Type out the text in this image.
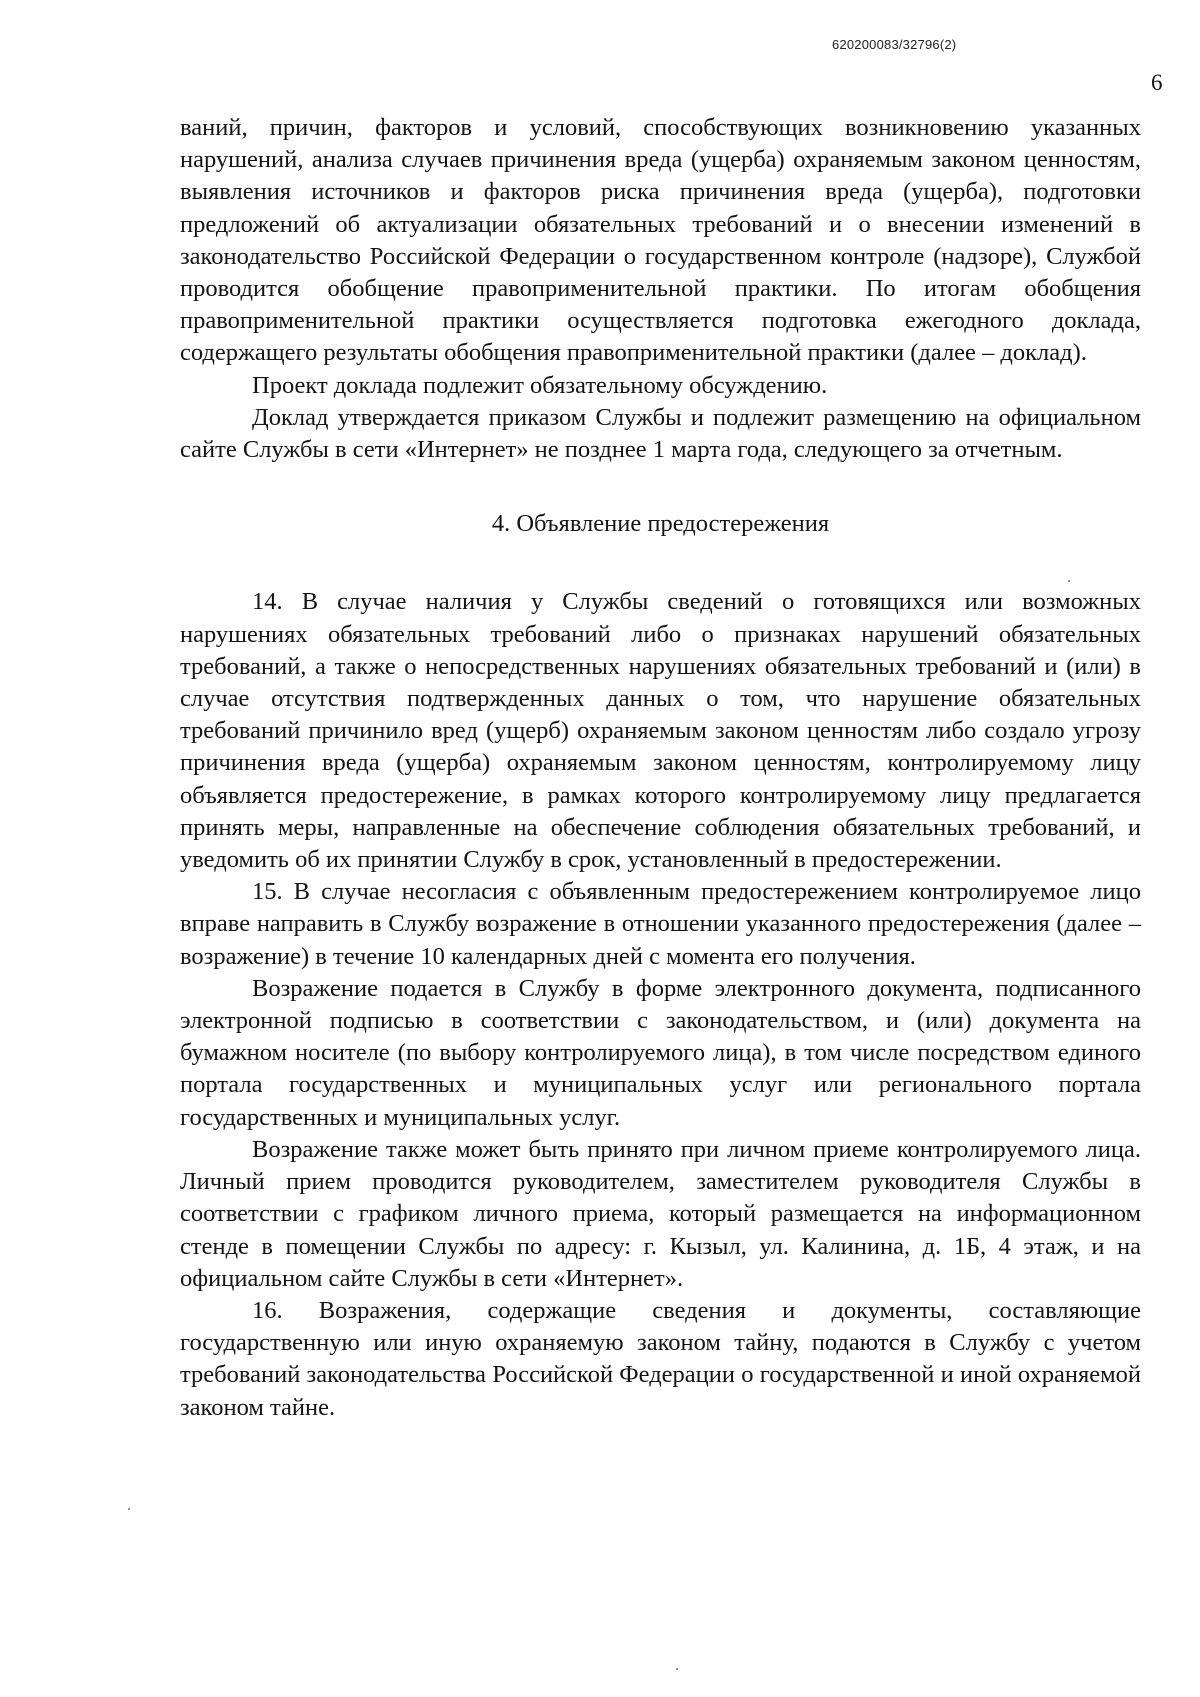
620200083/32796(2)
6

ваний, причин, факторов и условий, способствующих возникновению указанных нарушений, анализа случаев причинения вреда (ущерба) охраняемым законом ценностям, выявления источников и факторов риска причинения вреда (ущерба), подготовки предложений об актуализации обязательных требований и о внесении изменений в законодательство Российской Федерации о государственном контроле (надзоре), Службой проводится обобщение правоприменительной практики. По итогам обобщения правоприменительной практики осуществляется подготовка ежегодного доклада, содержащего результаты обобщения правоприменительной практики (далее – доклад).

Проект доклада подлежит обязательному обсуждению.

Доклад утверждается приказом Службы и подлежит размещению на официальном сайте Службы в сети «Интернет» не позднее 1 марта года, следующего за отчетным.

4. Объявление предостережения

14. В случае наличия у Службы сведений о готовящихся или возможных нарушениях обязательных требований либо о признаках нарушений обязательных требований, а также о непосредственных нарушениях обязательных требований и (или) в случае отсутствия подтвержденных данных о том, что нарушение обязательных требований причинило вред (ущерб) охраняемым законом ценностям либо создало угрозу причинения вреда (ущерба) охраняемым законом ценностям, контролируемому лицу объявляется предостережение, в рамках которого контролируемому лицу предлагается принять меры, направленные на обеспечение соблюдения обязательных требований, и уведомить об их принятии Службу в срок, установленный в предостережении.

15. В случае несогласия с объявленным предостережением контролируемое лицо вправе направить в Службу возражение в отношении указанного предостережения (далее – возражение) в течение 10 календарных дней с момента его получения.

Возражение подается в Службу в форме электронного документа, подписанного электронной подписью в соответствии с законодательством, и (или) документа на бумажном носителе (по выбору контролируемого лица), в том числе посредством единого портала государственных и муниципальных услуг или регионального портала государственных и муниципальных услуг.

Возражение также может быть принято при личном приеме контролируемого лица. Личный прием проводится руководителем, заместителем руководителя Службы в соответствии с графиком личного приема, который размещается на информационном стенде в помещении Службы по адресу: г. Кызыл, ул. Калинина, д. 1Б, 4 этаж, и на официальном сайте Службы в сети «Интернет».

16. Возражения, содержащие сведения и документы, составляющие государственную или иную охраняемую законом тайну, подаются в Службу с учетом требований законодательства Российской Федерации о государственной и иной охраняемой законом тайне.
